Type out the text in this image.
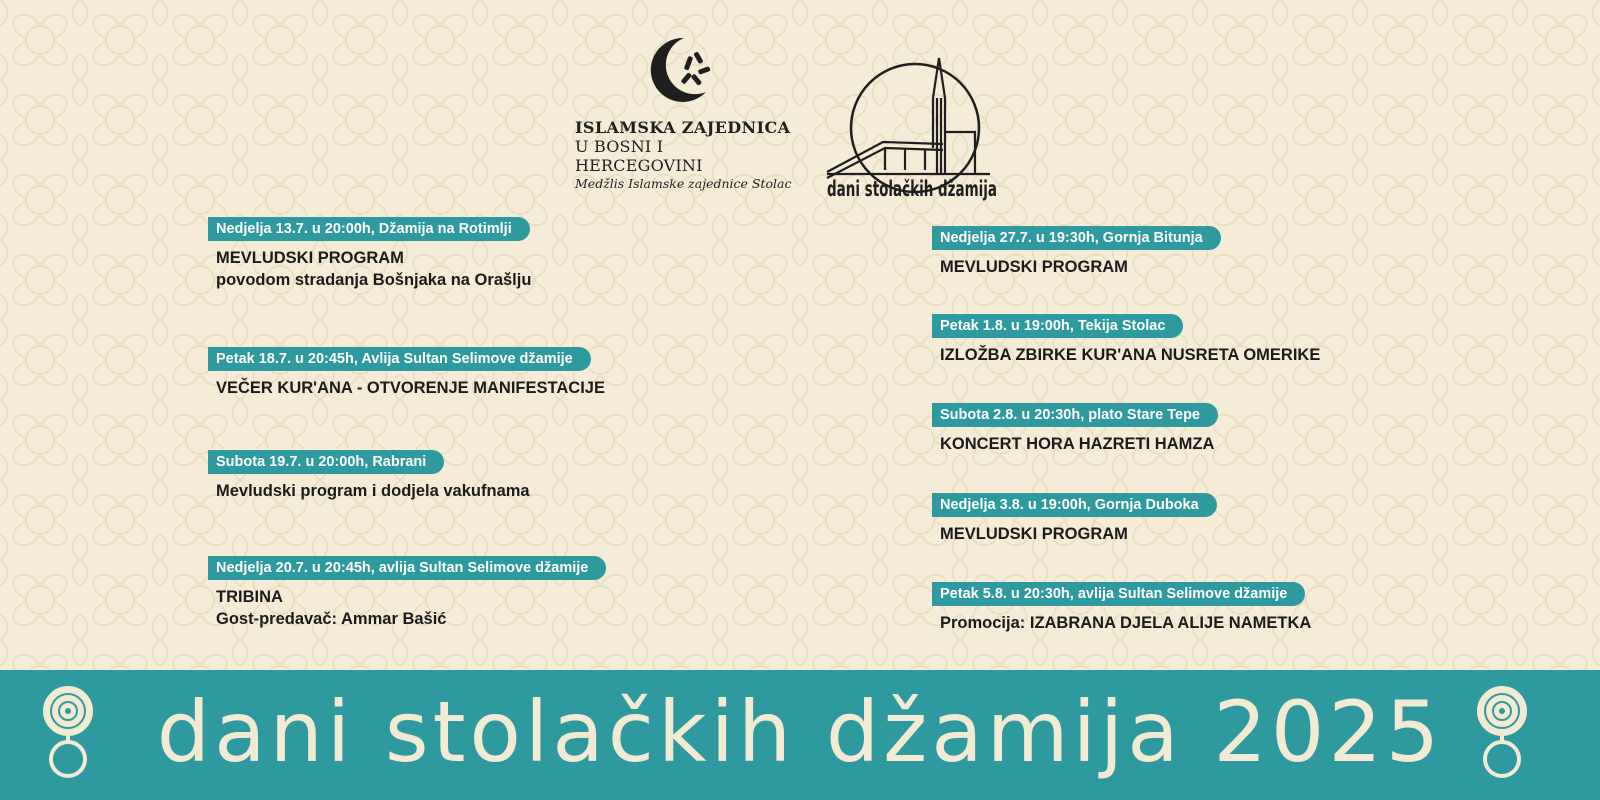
ISLAMSKA ZAJEDNICA
U BOSNI I HERCEGOVINI
Medžlis Islamske zajednice Stolac dani stolačkih džamija
Nedjelja 13.7. u 20:00h, Džamija na Rotimlji
MEVLUDSKI PROGRAM
povodom stradanja Bošnjaka na Orašlju
Petak 18.7. u 20:45h, Avlija Sultan Selimove džamije
VEČER KUR'ANA - OTVORENJE MANIFESTACIJE
Subota 19.7. u 20:00h, Rabrani
Mevludski program i dodjela vakufnama
Nedjelja 20.7. u 20:45h, avlija Sultan Selimove džamije
TRIBINA
Gost-predavač: Ammar Bašić
Nedjelja 27.7. u 19:30h, Gornja Bitunja
MEVLUDSKI PROGRAM
Petak 1.8. u 19:00h, Tekija Stolac
IZLOŽBA ZBIRKE KUR'ANA NUSRETA OMERIKE
Subota 2.8. u 20:30h, plato Stare Tepe
KONCERT HORA HAZRETI HAMZA
Nedjelja 3.8. u 19:00h, Gornja Duboka
MEVLUDSKI PROGRAM
Petak 5.8. u 20:30h, avlija Sultan Selimove džamije
Promocija: IZABRANA DJELA ALIJE NAMETKA
dani stolačkih džamija 2025
